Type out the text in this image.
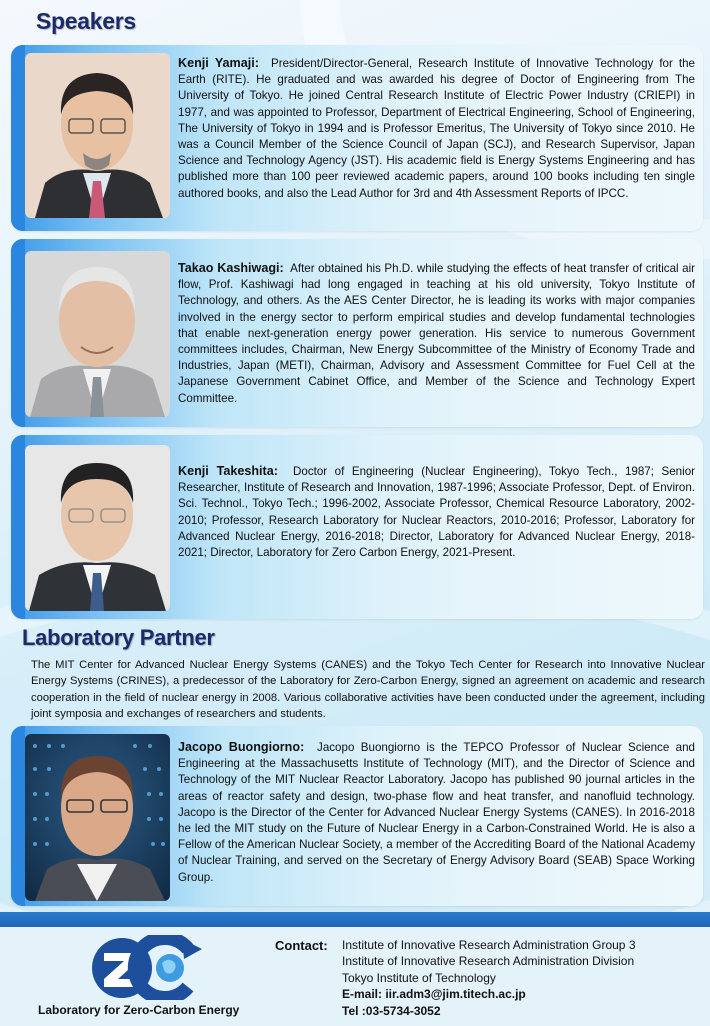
Speakers
Kenji Yamaji: President/Director-General, Research Institute of Innovative Technology for the Earth (RITE). He graduated and was awarded his degree of Doctor of Engineering from The University of Tokyo. He joined Central Research Institute of Electric Power Industry (CRIEPI) in 1977, and was appointed to Professor, Department of Electrical Engineering, School of Engineering, The University of Tokyo in 1994 and is Professor Emeritus, The University of Tokyo since 2010. He was a Council Member of the Science Council of Japan (SCJ), and Research Supervisor, Japan Science and Technology Agency (JST). His academic field is Energy Systems Engineering and has published more than 100 peer reviewed academic papers, around 100 books including ten single authored books, and also the Lead Author for 3rd and 4th Assessment Reports of IPCC.
Takao Kashiwagi: After obtained his Ph.D. while studying the effects of heat transfer of critical air flow, Prof. Kashiwagi had long engaged in teaching at his old university, Tokyo Institute of Technology, and others. As the AES Center Director, he is leading its works with major companies involved in the energy sector to perform empirical studies and develop fundamental technologies that enable next-generation energy power generation. His service to numerous Government committees includes, Chairman, New Energy Subcommittee of the Ministry of Economy Trade and Industries, Japan (METI), Chairman, Advisory and Assessment Committee for Fuel Cell at the Japanese Government Cabinet Office, and Member of the Science and Technology Expert Committee.
Kenji Takeshita: Doctor of Engineering (Nuclear Engineering), Tokyo Tech., 1987; Senior Researcher, Institute of Research and Innovation, 1987-1996; Associate Professor, Dept. of Environ. Sci. Technol., Tokyo Tech.; 1996-2002, Associate Professor, Chemical Resource Laboratory, 2002-2010; Professor, Research Laboratory for Nuclear Reactors, 2010-2016; Professor, Laboratory for Advanced Nuclear Energy, 2016-2018; Director, Laboratory for Advanced Nuclear Energy, 2018-2021; Director, Laboratory for Zero Carbon Energy, 2021-Present.
Laboratory Partner
The MIT Center for Advanced Nuclear Energy Systems (CANES) and the Tokyo Tech Center for Research into Innovative Nuclear Energy Systems (CRINES), a predecessor of the Laboratory for Zero-Carbon Energy, signed an agreement on academic and research cooperation in the field of nuclear energy in 2008. Various collaborative activities have been conducted under the agreement, including joint symposia and exchanges of researchers and students.
Jacopo Buongiorno: Jacopo Buongiorno is the TEPCO Professor of Nuclear Science and Engineering at the Massachusetts Institute of Technology (MIT), and the Director of Science and Technology of the MIT Nuclear Reactor Laboratory. Jacopo has published 90 journal articles in the areas of reactor safety and design, two-phase flow and heat transfer, and nanofluid technology. Jacopo is the Director of the Center for Advanced Nuclear Energy Systems (CANES). In 2016-2018 he led the MIT study on the Future of Nuclear Energy in a Carbon-Constrained World. He is also a Fellow of the American Nuclear Society, a member of the Accrediting Board of the National Academy of Nuclear Training, and served on the Secretary of Energy Advisory Board (SEAB) Space Working Group.
Laboratory for Zero-Carbon Energy
Contact: Institute of Innovative Research Administration Group 3
Institute of Innovative Research Administration Division
Tokyo Institute of Technology
E-mail: iir.adm3@jim.titech.ac.jp
Tel :03-5734-3052
